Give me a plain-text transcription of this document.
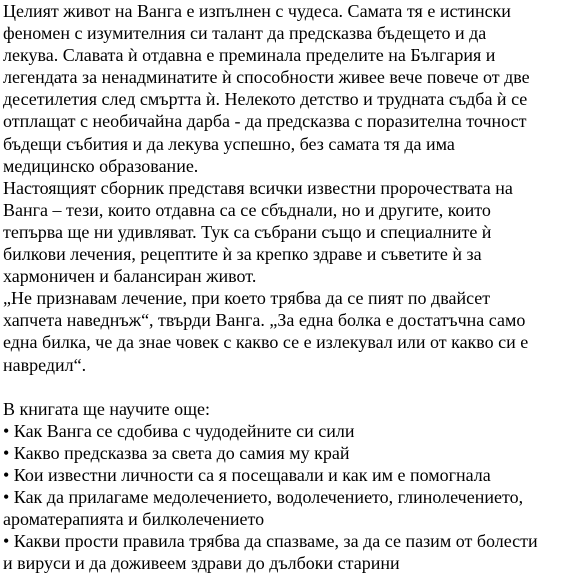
Целият живот на Ванга е изпълнен с чудеса. Самата тя е истински
феномен с изумителния си талант да предсказва бъдещето и да
лекува. Славата ѝ отдавна е преминала пределите на България и
легендата за ненадминатите ѝ способности живее вече повече от две
десетилетия след смъртта ѝ. Нелекото детство и трудната съдба ѝ се
отплащат с необичайна дарба - да предсказва с поразителна точност
бъдещи събития и да лекува успешно, без самата тя да има
медицинско образование.
Настоящият сборник представя всички известни пророчествата на
Ванга – тези, които отдавна са се сбъднали, но и другите, които
тепърва ще ни удивляват. Тук са събрани също и специалните ѝ
билкови лечения, рецептите ѝ за крепко здраве и съветите ѝ за
хармоничен и балансиран живот.
„Не признавам лечение, при което трябва да се пият по двайсет
хапчета наведнъж“, твърди Ванга. „За една болка е достатъчна само
една билка, че да знае човек с какво се е излекувал или от какво си е
навредил“.
В книгата ще научите още:
• Как Ванга се сдобива с чудодейните си сили
• Какво предсказва за света до самия му край
• Кои известни личности са я посещавали и как им е помогнала
• Как да прилагаме медолечението, водолечението, глинолечението,
ароматерапията и билколечението
• Какви прости правила трябва да спазваме, за да се пазим от болести
и вируси и да доживеем здрави до дълбоки старини
